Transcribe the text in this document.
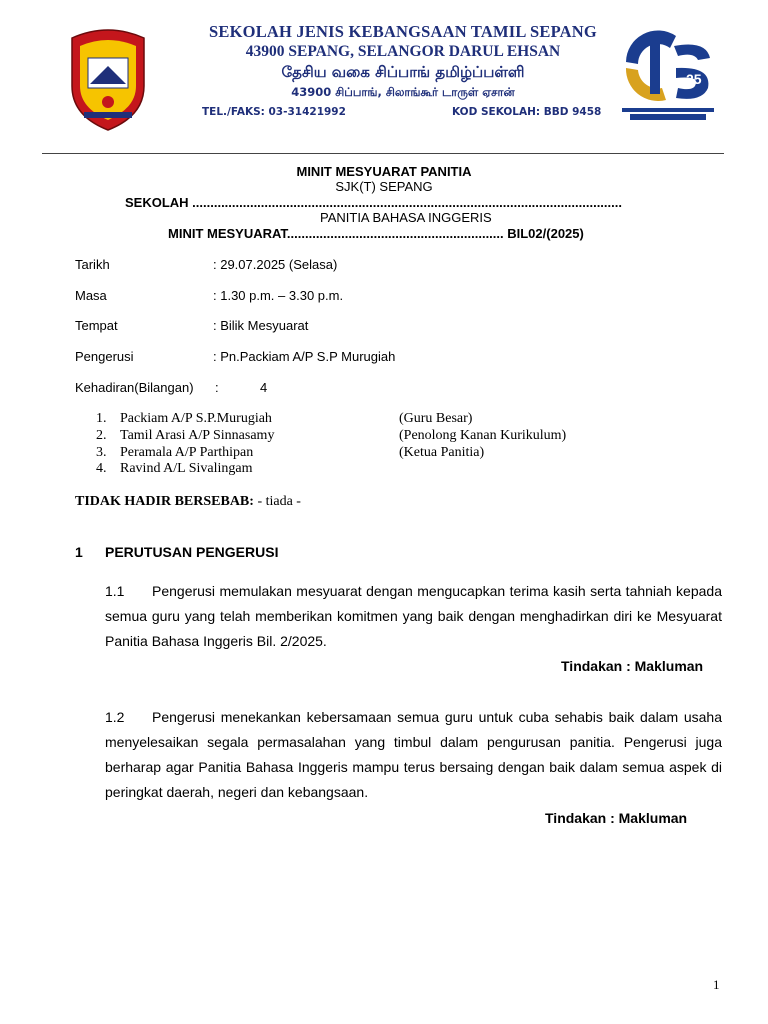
SEKOLAH JENIS KEBANGSAAN TAMIL SEPANG
43900 SEPANG, SELANGOR DARUL EHSAN
தேசிய வகை சிப்பாங் தமிழ்ப்பள்ளி
43900 சிப்பாங், சிலாங்கூர் டாருள் ஏசான்
TEL./FAKS: 03-31421992	KOD SEKOLAH: BBD 9458
25
MINIT MESYUARAT PANITIA
SJK(T) SEPANG
SEKOLAH .......................................................................................................................
PANITIA BAHASA INGGERIS
MINIT MESYUARAT............................................................ BIL02/(2025)
Tarikh	: 29.07.2025 (Selasa)
Masa	: 1.30 p.m. – 3.30 p.m.
Tempat	: Bilik Mesyuarat
Pengerusi	: Pn.Packiam A/P S.P Murugiah
Kehadiran(Bilangan) :	4
1. Packiam A/P S.P.Murugiah	(Guru Besar)
2. Tamil Arasi A/P Sinnasamy	(Penolong Kanan Kurikulum)
3. Peramala A/P Parthipan	(Ketua Panitia)
4. Ravind A/L Sivalingam
TIDAK HADIR BERSEBAB: - tiada -
1 PERUTUSAN PENGERUSI
1.1 Pengerusi memulakan mesyuarat dengan mengucapkan terima kasih serta tahniah kepada semua guru yang telah memberikan komitmen yang baik dengan menghadirkan diri ke Mesyuarat Panitia Bahasa Inggeris Bil. 2/2025.
Tindakan : Makluman
1.2 Pengerusi menekankan kebersamaan semua guru untuk cuba sehabis baik dalam usaha menyelesaikan segala permasalahan yang timbul dalam pengurusan panitia. Pengerusi juga berharap agar Panitia Bahasa Inggeris mampu terus bersaing dengan baik dalam semua aspek di peringkat daerah, negeri dan kebangsaan.
Tindakan : Makluman
1
